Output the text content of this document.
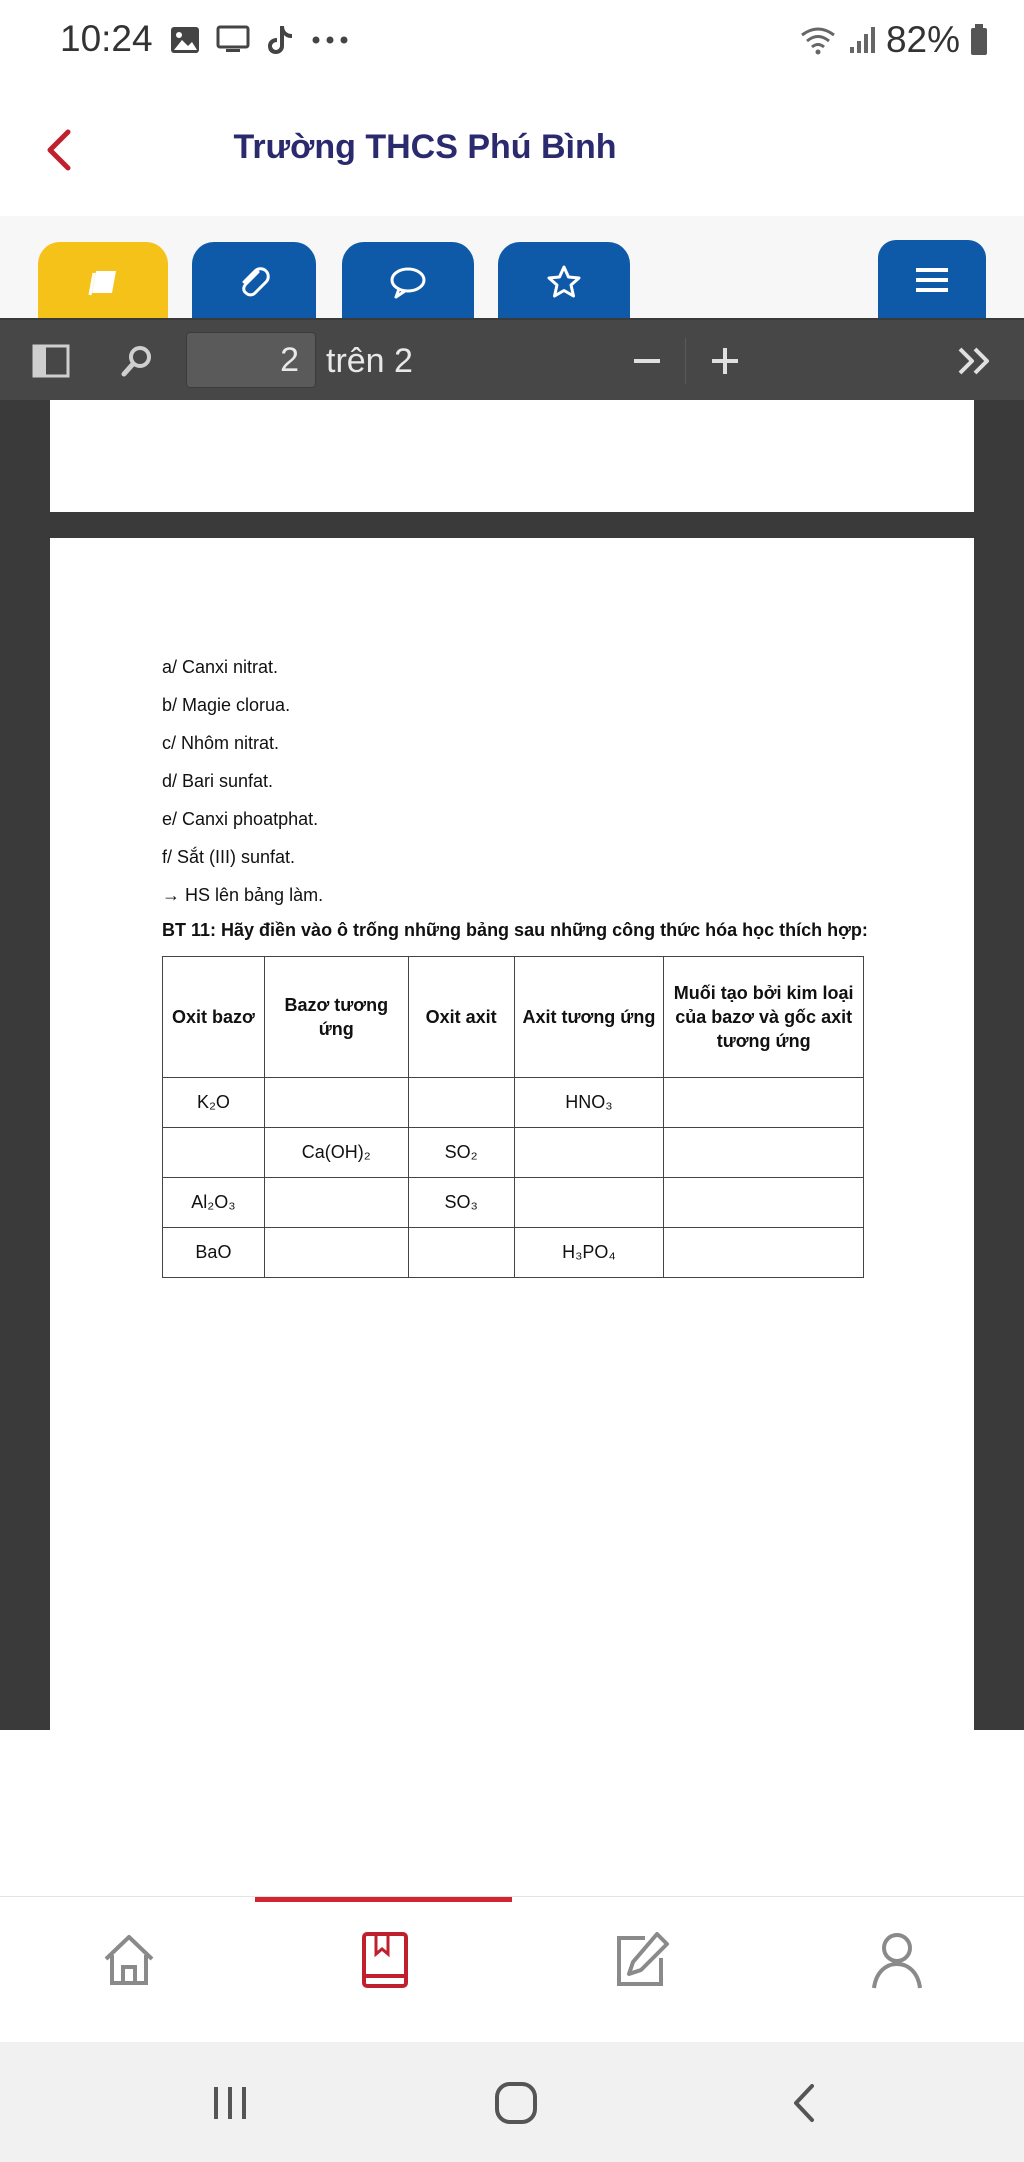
10:24	82%
Trường THCS Phú Bình
2 trên 2
a/ Canxi nitrat.
b/ Magie clorua.
c/ Nhôm nitrat.
d/ Bari sunfat.
e/ Canxi phoatphat.
f/ Sắt (III) sunfat.
→ HS lên bảng làm.
BT 11: Hãy điền vào ô trống những bảng sau những công thức hóa học thích hợp:
Oxit bazơ	Bazơ tương ứng	Oxit axit	Axit tương ứng	Muối tạo bởi kim loại của bazơ và gốc axit tương ứng
K₂O			HNO₃	
	Ca(OH)₂	SO₂		
Al₂O₃		SO₃		
BaO			H₃PO₄	
